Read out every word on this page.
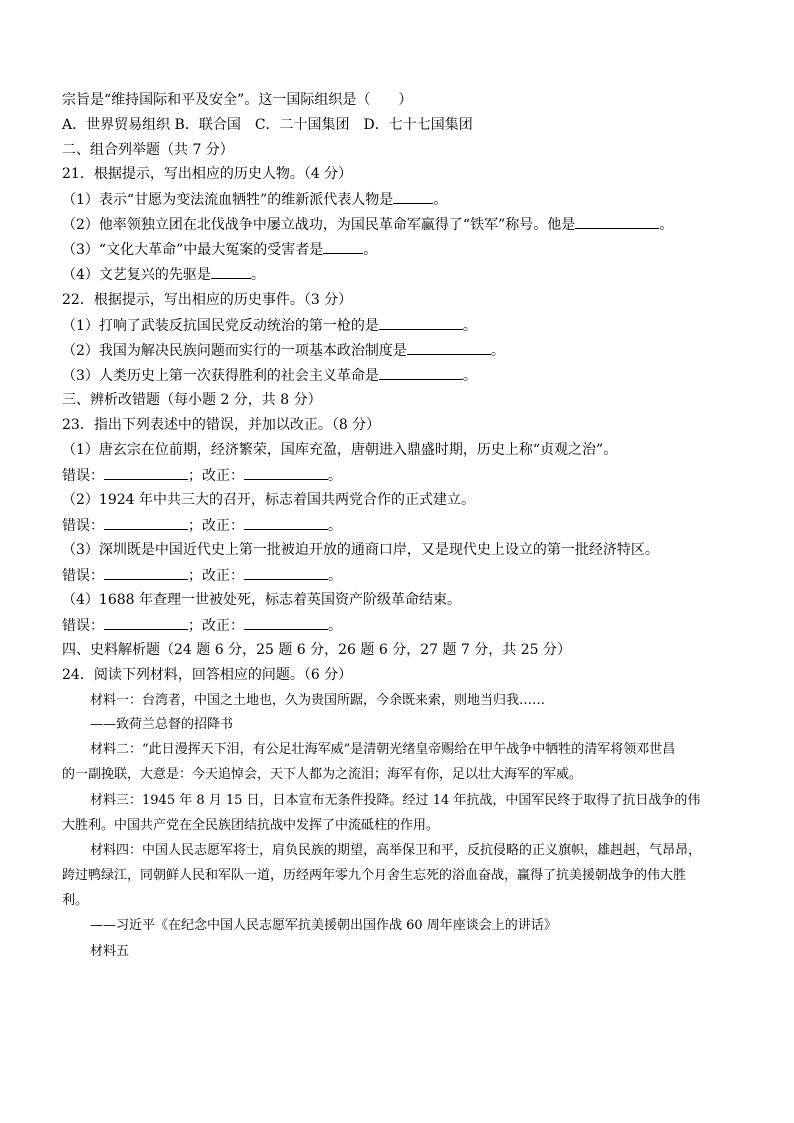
宗旨是“维持国际和平及安全”。这一国际组织是（　　）
A．世界贸易组织 B．联合国　C．二十国集团　D．七十七国集团
二、组合列举题（共 7 分）
21．根据提示，写出相应的历史人物。（4 分）
（1）表示“甘愿为变法流血牺牲”的维新派代表人物是	。
（2）他率领独立团在北伐战争中屡立战功，为国民革命军赢得了“铁军”称号。他是	。
（3）“文化大革命”中最大冤案的受害者是	。
（4）文艺复兴的先驱是	。
22．根据提示，写出相应的历史事件。（3 分）
（1）打响了武装反抗国民党反动统治的第一枪的是	。
（2）我国为解决民族问题而实行的一项基本政治制度是	。
（3）人类历史上第一次获得胜利的社会主义革命是	。
三、辨析改错题（每小题 2 分，共 8 分）
23．指出下列表述中的错误，并加以改正。（8 分）
（1）唐玄宗在位前期，经济繁荣，国库充盈，唐朝进入鼎盛时期，历史上称“贞观之治”。
错误：	；改正：	。
（2）1924 年中共三大的召开，标志着国共两党合作的正式建立。
错误：	；改正：	。
（3）深圳既是中国近代史上第一批被迫开放的通商口岸，又是现代史上设立的第一批经济特区。
错误：	；改正：	。
（4）1688 年查理一世被处死，标志着英国资产阶级革命结束。
错误：	；改正：	。
四、史料解析题（24 题 6 分，25 题 6 分，26 题 6 分，27 题 7 分，共 25 分）
24．阅读下列材料，回答相应的问题。（6 分）
材料一：台湾者，中国之土地也，久为贵国所踞，今余既来索，则地当归我……
——致荷兰总督的招降书
材料二：“此日漫挥天下泪，有公足壮海军威”是清朝光绪皇帝赐给在甲午战争中牺牲的清军将领邓世昌
的一副挽联，大意是：今天追悼会，天下人都为之流泪；海军有你，足以壮大海军的军威。
材料三：1945 年 8 月 15 日，日本宣布无条件投降。经过 14 年抗战，中国军民终于取得了抗日战争的伟
大胜利。中国共产党在全民族团结抗战中发挥了中流砥柱的作用。
材料四：中国人民志愿军将士，肩负民族的期望，高举保卫和平，反抗侵略的正义旗帜，雄赳赳，气昂昂，
跨过鸭绿江，同朝鲜人民和军队一道，历经两年零九个月舍生忘死的浴血奋战，赢得了抗美援朝战争的伟大胜
利。
——习近平《在纪念中国人民志愿军抗美援朝出国作战 60 周年座谈会上的讲话》
材料五
